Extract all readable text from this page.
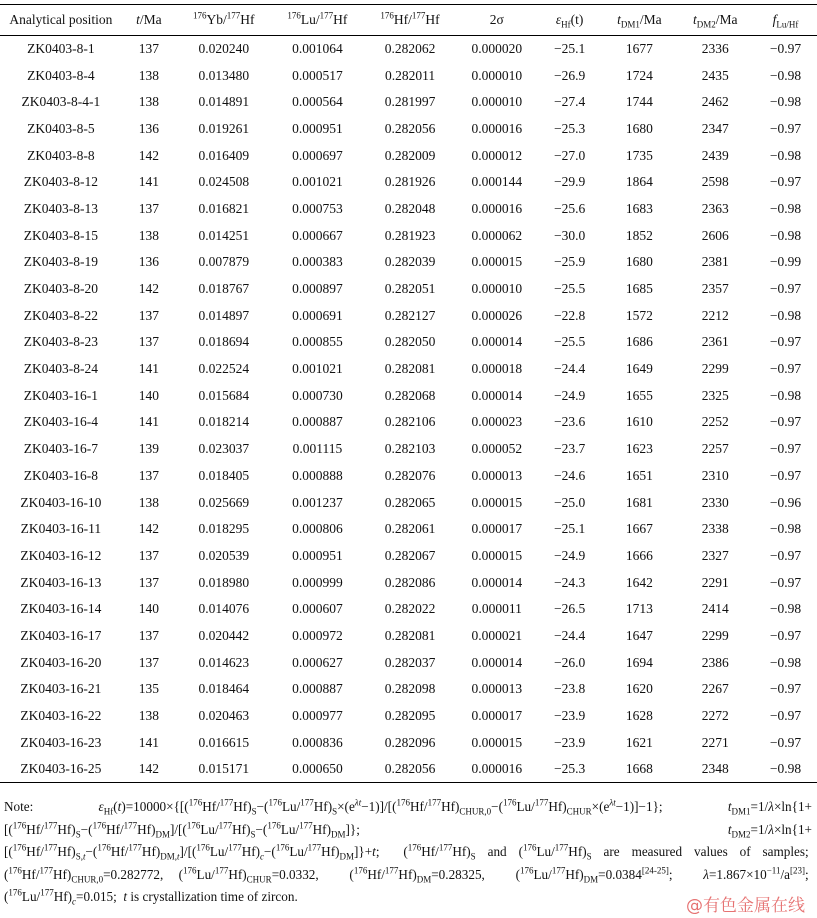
Analytical position	t/Ma	$^{176}$Yb/$^{177}$Hf	$^{176}$Lu/$^{177}$Hf	$^{176}$Hf/$^{177}$Hf	2σ	$\varepsilon_{Hf}(t)$	$t_{DM1}/Ma$	$t_{DM2}/Ma$	$f_{Lu/Hf}$
ZK0403-8-1	137	0.020240	0.001064	0.282062	0.000020	−25.1	1677	2336	−0.97
ZK0403-8-4	138	0.013480	0.000517	0.282011	0.000010	−26.9	1724	2435	−0.98
ZK0403-8-4-1	138	0.014891	0.000564	0.281997	0.000010	−27.4	1744	2462	−0.98
ZK0403-8-5	136	0.019261	0.000951	0.282056	0.000016	−25.3	1680	2347	−0.97
ZK0403-8-8	142	0.016409	0.000697	0.282009	0.000012	−27.0	1735	2439	−0.98
ZK0403-8-12	141	0.024508	0.001021	0.281926	0.000144	−29.9	1864	2598	−0.97
ZK0403-8-13	137	0.016821	0.000753	0.282048	0.000016	−25.6	1683	2363	−0.98
ZK0403-8-15	138	0.014251	0.000667	0.281923	0.000062	−30.0	1852	2606	−0.98
ZK0403-8-19	136	0.007879	0.000383	0.282039	0.000015	−25.9	1680	2381	−0.99
ZK0403-8-20	142	0.018767	0.000897	0.282051	0.000010	−25.5	1685	2357	−0.97
ZK0403-8-22	137	0.014897	0.000691	0.282127	0.000026	−22.8	1572	2212	−0.98
ZK0403-8-23	137	0.018694	0.000855	0.282050	0.000014	−25.5	1686	2361	−0.97
ZK0403-8-24	141	0.022524	0.001021	0.282081	0.000018	−24.4	1649	2299	−0.97
ZK0403-16-1	140	0.015684	0.000730	0.282068	0.000014	−24.9	1655	2325	−0.98
ZK0403-16-4	141	0.018214	0.000887	0.282106	0.000023	−23.6	1610	2252	−0.97
ZK0403-16-7	139	0.023037	0.001115	0.282103	0.000052	−23.7	1623	2257	−0.97
ZK0403-16-8	137	0.018405	0.000888	0.282076	0.000013	−24.6	1651	2310	−0.97
ZK0403-16-10	138	0.025669	0.001237	0.282065	0.000015	−25.0	1681	2330	−0.96
ZK0403-16-11	142	0.018295	0.000806	0.282061	0.000017	−25.1	1667	2338	−0.98
ZK0403-16-12	137	0.020539	0.000951	0.282067	0.000015	−24.9	1666	2327	−0.97
ZK0403-16-13	137	0.018980	0.000999	0.282086	0.000014	−24.3	1642	2291	−0.97
ZK0403-16-14	140	0.014076	0.000607	0.282022	0.000011	−26.5	1713	2414	−0.98
ZK0403-16-17	137	0.020442	0.000972	0.282081	0.000021	−24.4	1647	2299	−0.97
ZK0403-16-20	137	0.014623	0.000627	0.282037	0.000014	−26.0	1694	2386	−0.98
ZK0403-16-21	135	0.018464	0.000887	0.282098	0.000013	−23.8	1620	2267	−0.97
ZK0403-16-22	138	0.020463	0.000977	0.282095	0.000017	−23.9	1628	2272	−0.97
ZK0403-16-23	141	0.016615	0.000836	0.282096	0.000015	−23.9	1621	2271	−0.97
ZK0403-16-25	142	0.015171	0.000650	0.282056	0.000016	−25.3	1668	2348	−0.98
Note:  $\varepsilon_{Hf}(t)=10000\times\{[(^{176}Hf/^{177}Hf)_S-(^{176}Lu/^{177}Hf)_S\times(e^{\lambda t}-1)]/[(^{176}Hf/^{177}Hf)_{CHUR,0}-(^{176}Lu/^{177}Hf)_{CHUR}\times(e^{\lambda t}-1)]-1\}$;  $t_{DM1}=1/\lambda\times\ln\{1+[(^{176}Hf/^{177}Hf)_S-(^{176}Hf/^{177}Hf)_{DM}]/[(^{176}Lu/^{177}Hf)_S-(^{176}Lu/^{177}Hf)_{DM}]\}$;  $t_{DM2}=1/\lambda\times\ln\{1+[(^{176}Hf/^{177}Hf)_{S,t}-(^{176}Hf/^{177}Hf)_{DM,t}]/[(^{176}Lu/^{177}Hf)_c-(^{176}Lu/^{177}Hf)_{DM}]\}+t$;  $(^{176}Hf/^{177}Hf)_S$ and $(^{176}Lu/^{177}Hf)_S$ are measured values of samples;  $(^{176}Hf/^{177}Hf)_{CHUR,0}=0.282772$, $(^{176}Lu/^{177}Hf)_{CHUR}=0.0332$,  $(^{176}Hf/^{177}Hf)_{DM}=0.28325$,  $(^{176}Lu/^{177}Hf)_{DM}=0.0384[24-25]$;  $\lambda=1.867\times 10^{-11}/a[23]$;  $(^{176}Lu/^{177}Hf)_c=0.015$;  t is crystallization time of zircon.	@有色金属在线
